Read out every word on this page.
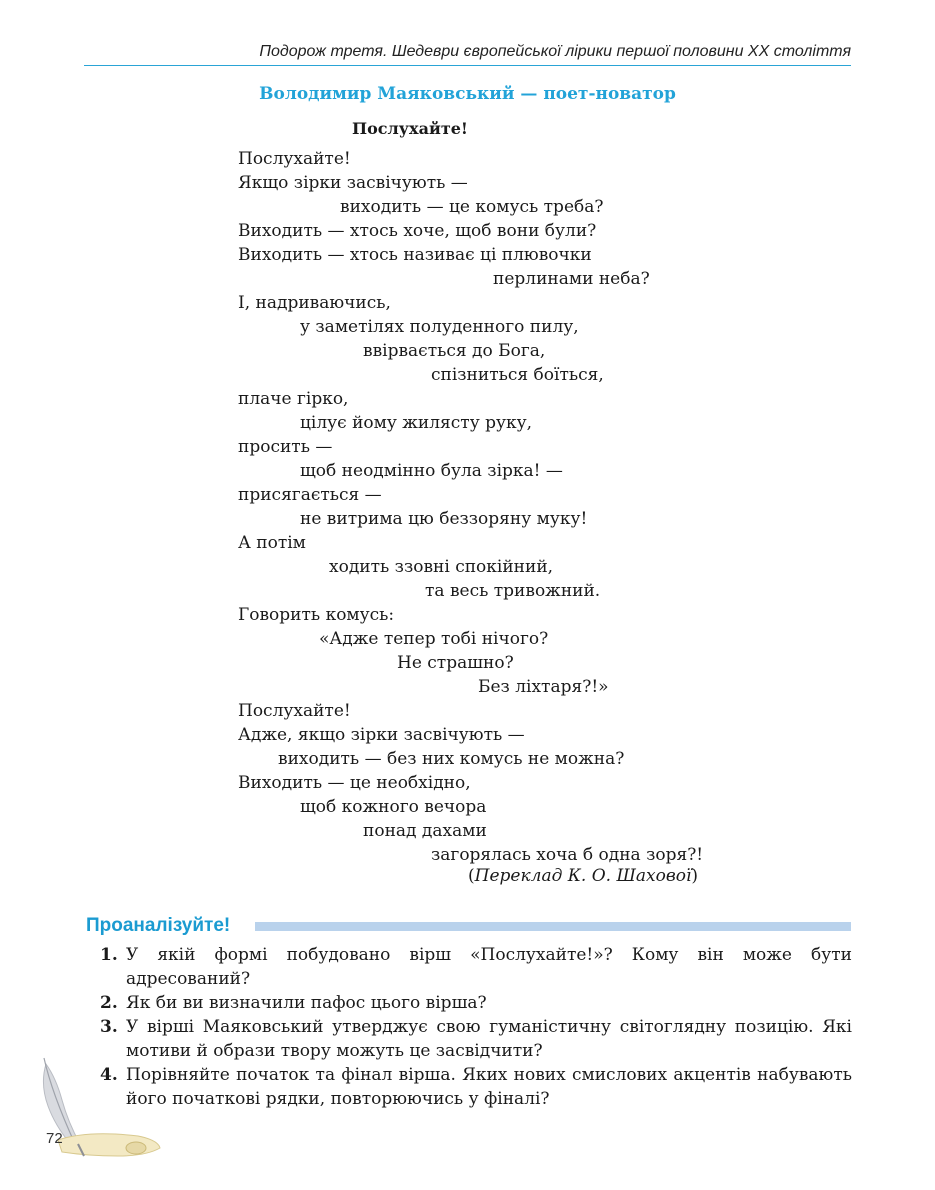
Подорож третя. Шедеври європейської лірики першої половини ХХ століття
Володимир Маяковський — поет-новатор
Послухайте!
Послухайте!
Якщо зірки засвічують —
виходить — це комусь треба?
Виходить — хтось хоче, щоб вони були?
Виходить — хтось називає ці плювочки
перлинами неба?
І, надриваючись,
у заметілях полуденного пилу,
ввірвається до Бога,
спізниться боїться,
плаче гірко,
цілує йому жилясту руку,
просить —
щоб неодмінно була зірка! —
присягається —
не витрима цю беззоряну муку!
А потім
ходить ззовні спокійний,
та весь тривожний.
Говорить комусь:
«Адже тепер тобі нічого?
Не страшно?
Без ліхтаря?!»
Послухайте!
Адже, якщо зірки засвічують —
виходить — без них комусь не можна?
Виходить — це необхідно,
щоб кожного вечора
понад дахами
загорялась хоча б одна зоря?!
(Переклад К. О. Шахової)
Проаналізуйте!
1. У якій формі побудовано вірш «Послухайте!»? Кому він може бути адресований?
2. Як би ви визначили пафос цього вірша?
3. У вірші Маяковський утверджує свою гуманістичну світоглядну позицію. Які мотиви й образи твору можуть це засвідчити?
4. Порівняйте початок та фінал вірша. Яких нових смислових акцентів набувають його початкові рядки, повторюючись у фіналі?
72
